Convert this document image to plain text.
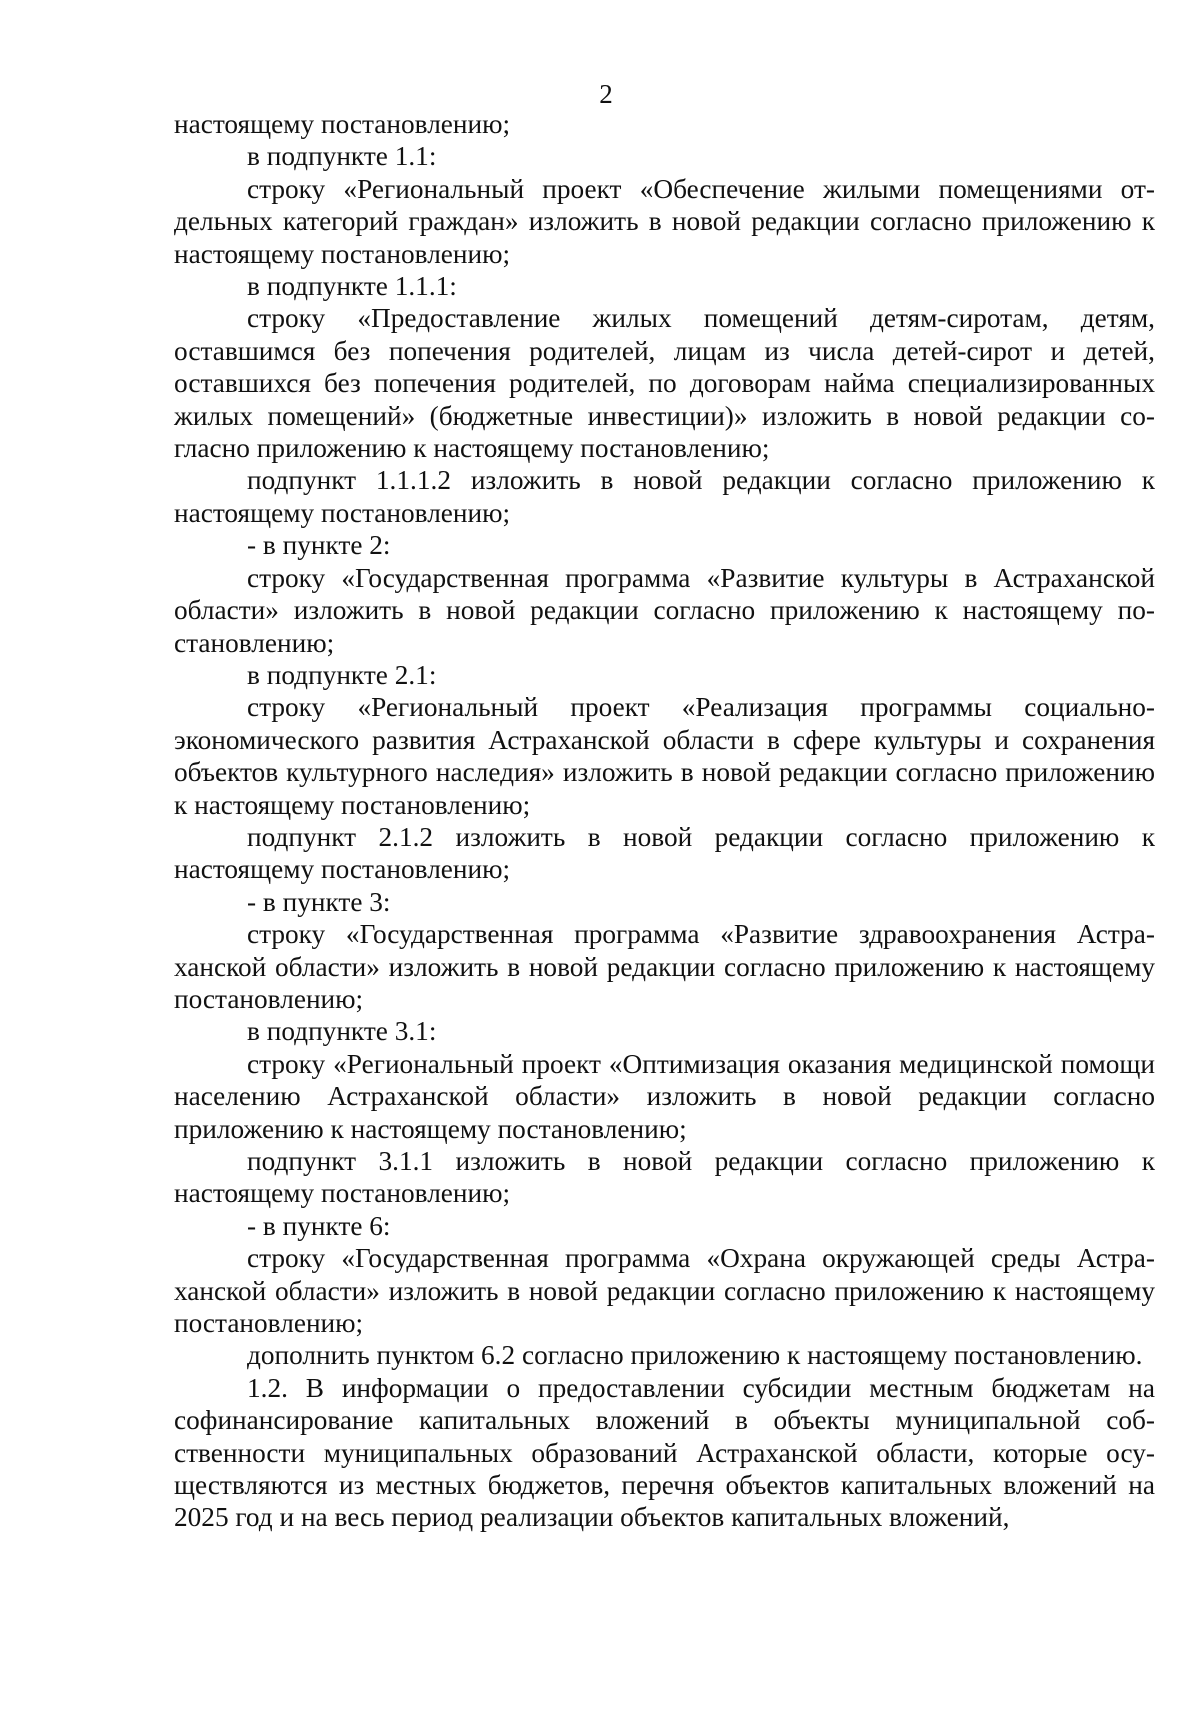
2

настоящему постановлению;

в подпункте 1.1:

строку «Региональный проект «Обеспечение жилыми помещениями отдельных категорий граждан» изложить в новой редакции согласно приложению к настоящему постановлению;

в подпункте 1.1.1:

строку «Предоставление жилых помещений детям-сиротам, детям, оставшимся без попечения родителей, лицам из числа детей-сирот и детей, оставшихся без попечения родителей, по договорам найма специализированных жилых помещений» (бюджетные инвестиции)» изложить в новой редакции согласно приложению к настоящему постановлению;

подпункт 1.1.1.2 изложить в новой редакции согласно приложению к настоящему постановлению;

- в пункте 2:

строку «Государственная программа «Развитие культуры в Астраханской области» изложить в новой редакции согласно приложению к настоящему постановлению;

в подпункте 2.1:

строку «Региональный проект «Реализация программы социально-экономического развития Астраханской области в сфере культуры и сохранения объектов культурного наследия» изложить в новой редакции согласно приложению к настоящему постановлению;

подпункт 2.1.2 изложить в новой редакции согласно приложению к настоящему постановлению;

- в пункте 3:

строку «Государственная программа «Развитие здравоохранения Астраханской области» изложить в новой редакции согласно приложению к настоящему постановлению;

в подпункте 3.1:

строку «Региональный проект «Оптимизация оказания медицинской помощи населению Астраханской области» изложить в новой редакции согласно приложению к настоящему постановлению;

подпункт 3.1.1 изложить в новой редакции согласно приложению к настоящему постановлению;

- в пункте 6:

строку «Государственная программа «Охрана окружающей среды Астраханской области» изложить в новой редакции согласно приложению к настоящему постановлению;

дополнить пунктом 6.2 согласно приложению к настоящему постановлению.

1.2. В информации о предоставлении субсидии местным бюджетам на софинансирование капитальных вложений в объекты муниципальной собственности муниципальных образований Астраханской области, которые осуществляются из местных бюджетов, перечня объектов капитальных вложений на 2025 год и на весь период реализации объектов капитальных вложений,
